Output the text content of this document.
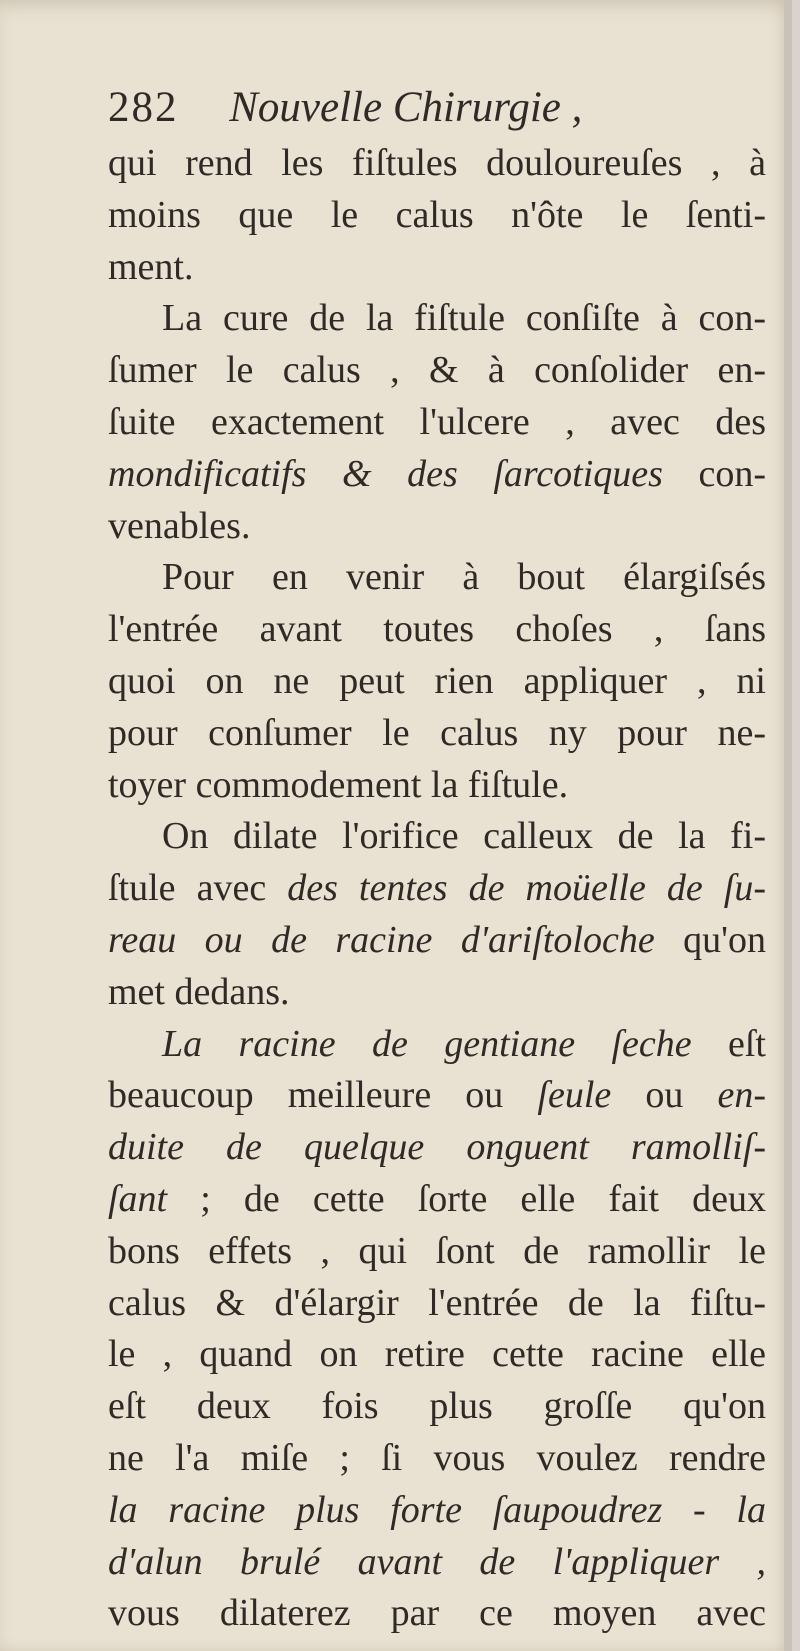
282 Nouvelle Chirurgie ,
qui rend les fiſtules douloureuſes , à
moins que le calus n'ôte le ſenti-
ment.
La cure de la fiſtule conſiſte à con-
ſumer le calus , & à conſolider en-
ſuite exactement l'ulcere , avec des
mondificatifs & des ſarcotiques con-
venables.
Pour en venir à bout élargiſsés
l'entrée avant toutes choſes , ſans
quoi on ne peut rien appliquer , ni
pour conſumer le calus ny pour ne-
toyer commodement la fiſtule.
On dilate l'orifice calleux de la fi-
ſtule avec des tentes de moüelle de ſu-
reau ou de racine d'ariſtoloche qu'on
met dedans.
La racine de gentiane ſeche eſt
beaucoup meilleure ou ſeule ou en-
duite de quelque onguent ramolliſ-
ſant ; de cette ſorte elle fait deux
bons effets , qui ſont de ramollir le
calus & d'élargir l'entrée de la fiſtu-
le , quand on retire cette racine elle
eſt deux fois plus groſſe qu'on
ne l'a miſe ; ſi vous voulez rendre
la racine plus forte ſaupoudrez - la
d'alun brulé avant de l'appliquer ,
vous dilaterez par ce moyen avec
